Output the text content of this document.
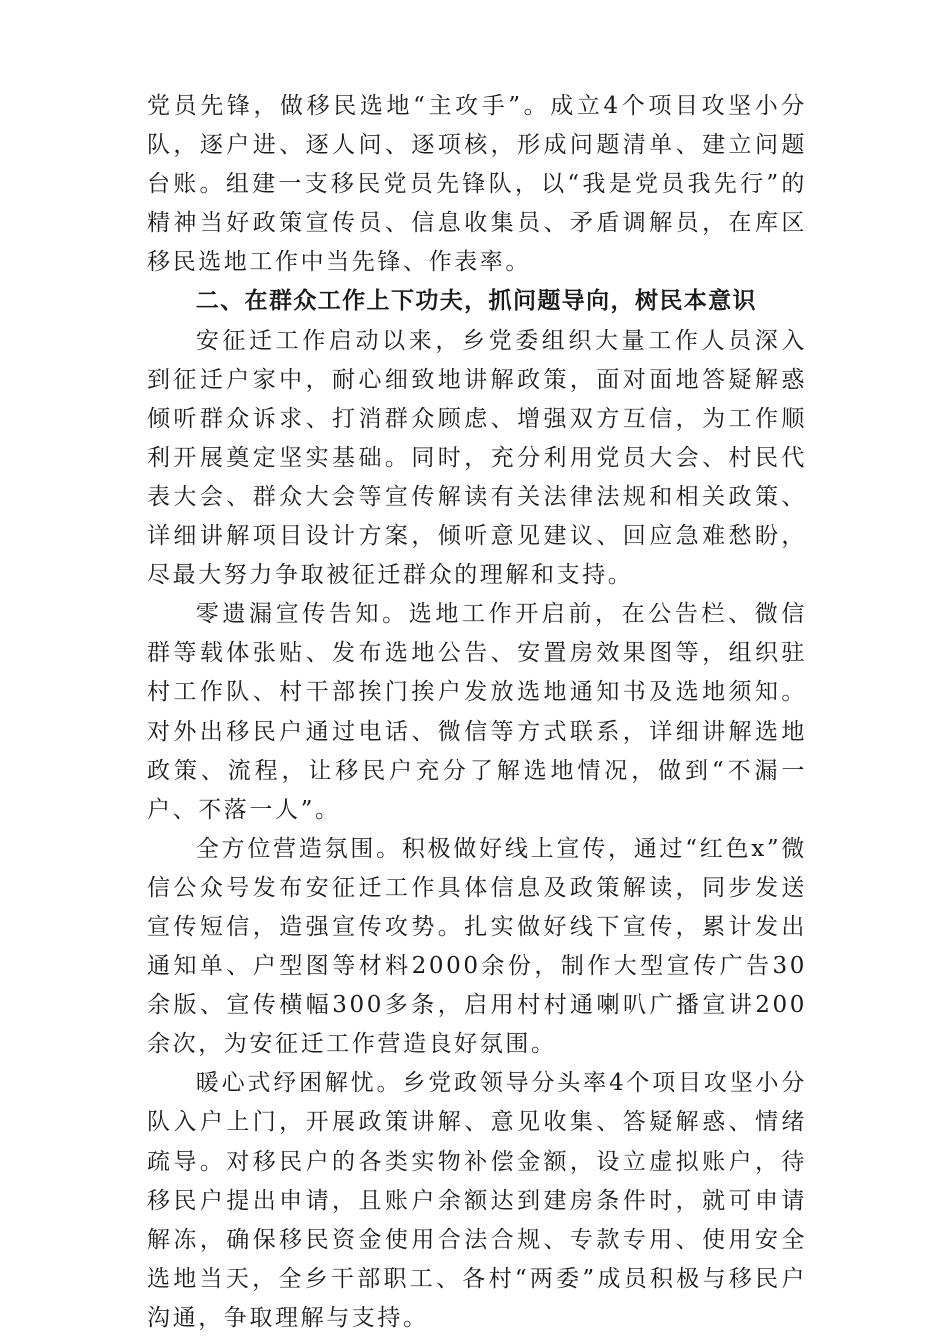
党员先锋，做移民选地“主攻手”。成立4个项目攻坚小分队，逐户进、逐人问、逐项核，形成问题清单、建立问题台账。组建一支移民党员先锋队，以“我是党员我先行”的精神当好政策宣传员、信息收集员、矛盾调解员，在库区移民选地工作中当先锋、作表率。

二、在群众工作上下功夫，抓问题导向，树民本意识

安征迁工作启动以来，乡党委组织大量工作人员深入到征迁户家中，耐心细致地讲解政策，面对面地答疑解惑倾听群众诉求、打消群众顾虑、增强双方互信，为工作顺利开展奠定坚实基础。同时，充分利用党员大会、村民代表大会、群众大会等宣传解读有关法律法规和相关政策、详细讲解项目设计方案，倾听意见建议、回应急难愁盼，尽最大努力争取被征迁群众的理解和支持。

零遗漏宣传告知。选地工作开启前，在公告栏、微信群等载体张贴、发布选地公告、安置房效果图等，组织驻村工作队、村干部挨门挨户发放选地通知书及选地须知。对外出移民户通过电话、微信等方式联系，详细讲解选地政策、流程，让移民户充分了解选地情况，做到“不漏一户、不落一人”。

全方位营造氛围。积极做好线上宣传，通过“红色x”微信公众号发布安征迁工作具体信息及政策解读，同步发送宣传短信，造强宣传攻势。扎实做好线下宣传，累计发出通知单、户型图等材料2000余份，制作大型宣传广告30余版、宣传横幅300多条，启用村村通喇叭广播宣讲200余次，为安征迁工作营造良好氛围。

暖心式纾困解忧。乡党政领导分头率4个项目攻坚小分队入户上门，开展政策讲解、意见收集、答疑解惑、情绪疏导。对移民户的各类实物补偿金额，设立虚拟账户，待移民户提出申请，且账户余额达到建房条件时，就可申请解冻，确保移民资金使用合法合规、专款专用、使用安全选地当天，全乡干部职工、各村“两委”成员积极与移民户沟通，争取理解与支持。
